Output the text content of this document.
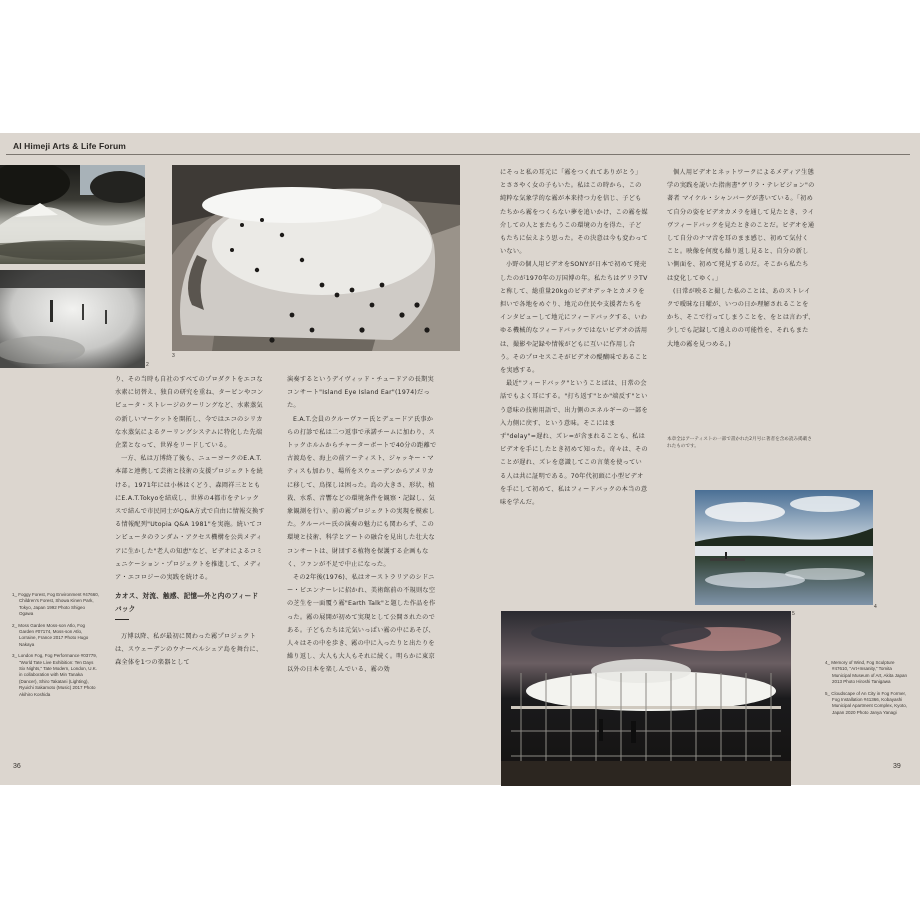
AI Himeji Arts & Life Forum
2
3
4
5
1_ Foggy Forest, Fog Environment #47660, Children's Forest, Showa Kinen Park, Tokyo, Japan 1992 Photo Shigeo Ogawa
2_ Moss Garden Moss-son Atlo, Fog Garden #07174, Moss-son Atlo, Lorraine, France 2017 Photo Hugo Nakaya
3_ London Fog, Fog Performance #03779, "World Tate Live Exhibition: Ten Days Six Nights," Tate Modern, London, U.K. in collaboration with Min Tanaka (Dancer), Shiro Takatani (Lighting), Ryuichi Sakamoto (Music) 2017 Photo Akihiro Koshida
4_ Memory of Wind, Fog Sculpture #47610, "Art+Insanity," Tomita Municipal Museum of Art, Akita Japan 2013 Photo Hiroshi Tanigawa
5_ Cloudscape of An City in Fog Former, Fog Installation #41366, Kobayashi Municipal Apartment Complex, Kyoto, Japan 2020 Photo Janya Yanagi

り、その当時も自社のすべてのプロダクトをエコな水素に切替え、独自の研究を重ね、タービンやコンピュータ・ストレージのクーリングなど、水素蒸気の新しいマーケットを開拓し、今ではエコのシリカな水蒸気によるクーリングシステムに特化した先端企業となって、世界をリードしている。

一方、私は万博終了後も、ニューヨークのE.A.T.本部と連携して芸術と技術の支援プロジェクトを続ける。1971年には小林はくどう、森岡祥三とともにE.A.T.Tokyoを結成し、世界の4都市をテレックスで結んで市民同士がQ&A方式で自由に情報交換する情報配列"Utopia Q&A 1981"を実施。続いてコンピュータのランダム・アクセス機構を公共メディアに生かした"老人の知恵"など、ビデオによるコミュニケーション・プロジェクトを推進して、メディア・エコロジーの実践を続ける。

カオス、対流、触感、記憶―外と内のフィードバック

万博以降、私が最初に関わった霧プロジェクトは、スウェーデンのウナーベルシェア島を舞台に、森全体を1つの楽器として

演奏するというデイヴィッド・チュードアの長期実コンサート"Island Eye Island Ear"(1974)だった。

E.A.T.会員のクルーヴァー氏とデュードア氏事からの打診で私は二つ返事で承諾チームに加わり、ストックホルムからチャーターボートで40分の距離で古渡島を、海上の前アーティスト、ジャッキー・マティスも加わり、場所をスウェーデンからアメリカに移して、鳥探しは困った。島の大きさ、形状、植栽、水系、音響などの環境条件を観察・記録し、気象観測を行い、前の霧プロジェクトの実現を模索した。クルーバー氏の演奏の魅力にも関わらず、この環境と技術、科学とアートの融合を見出した壮大なコンサートは、財団する植物を保護する企画もなく、ファンが不足で中止になった。

その2年後(1976)、私はオーストラリアのシドニー・ビエンナーレに招かれ、美術館前の不規則な空の芝生を一面覆う霧"Earth Talk"と題した作品を作った。霧の展開が初めて実現として公開されたのである。子どもたちは元気いっぱい霧の中にあそび、人々はその中を歩き、霧の中に入ったりと出たりを繰り返し、大人も大人もそれに続く。明らかに東京以外の日本を楽しんでいる、霧の効

にそっと私の耳元に「霧をつくれてありがとう」とささやく女の子もいた。私はこの時から、この純粋な気象学的な霧が本来持つ力を信じ、子どもたちから霧をつくらない夢を追いかけ、この霧を媒介しての人とまたもうこの環境の力を得た、子どもたちに伝えよう思った。その決意は今も変わっていない。

小野の個人用ビデオをSONYが日本で初めて発売したのが1970年の万国博の年。私たちはゲリラTVと称して、総重量20kgのビデオデッキとカメラを担いで各地をめぐり、地元の住民や支援者たちをインタビューして地元にフィードバックする、いわゆる機械的なフィードバックではないビデオの活用は、撮影や記録や情報がどもに互いに作用し合う。そのプロセスこそがビデオの醍醐味であることを実感する。

最近"フィードバック"ということばは、日常の会話でもよく耳にする。"打ち返す"とか"端反す"という意味の技術用語で、出力側のエネルギーの一部を入力側に戻す、という意味。そこにはまず"delay"=遅れ、ズレ=が含まれることも、私はビデオを手にしたとき初めて知った。奇々は、そのことが遅れ、ズレを意識してこの言葉を使っている人は共に証明である。70年代初頭に小型ビデオを手にして初めて、私はフィードバックの本当の意味を学んだ。

個人用ビデオとネットワークによるメディア生態学の実践を説いた指南書"ゲリラ・テレビジョン"の著者 マイケル・シャンバーグが書いている。「初めて自分の姿をビデオカメラを通して見たとき、ライヴフィードバックを見たときのことだ。ビデオを通して自分のナマ音を耳のまま感じ、初めて気付くこと。映像を何度も繰り返し見ると、自分の新しい側面を、初めて発見するのだ。そこから私たちは変化してゆく。」

(日常が映ると撮した私のことは、あのストレイクで曖昧な日曜が、いつの日か理解されることをかち、そこで行ってしまうことを、をとは言わず、少しでも記録して遠えのの可能性を、それもまた大地の霧を見つめる。)

本章全はアーティストの一部で書かれた2月号に著者を含め読み掲載されたものです。

36	39
